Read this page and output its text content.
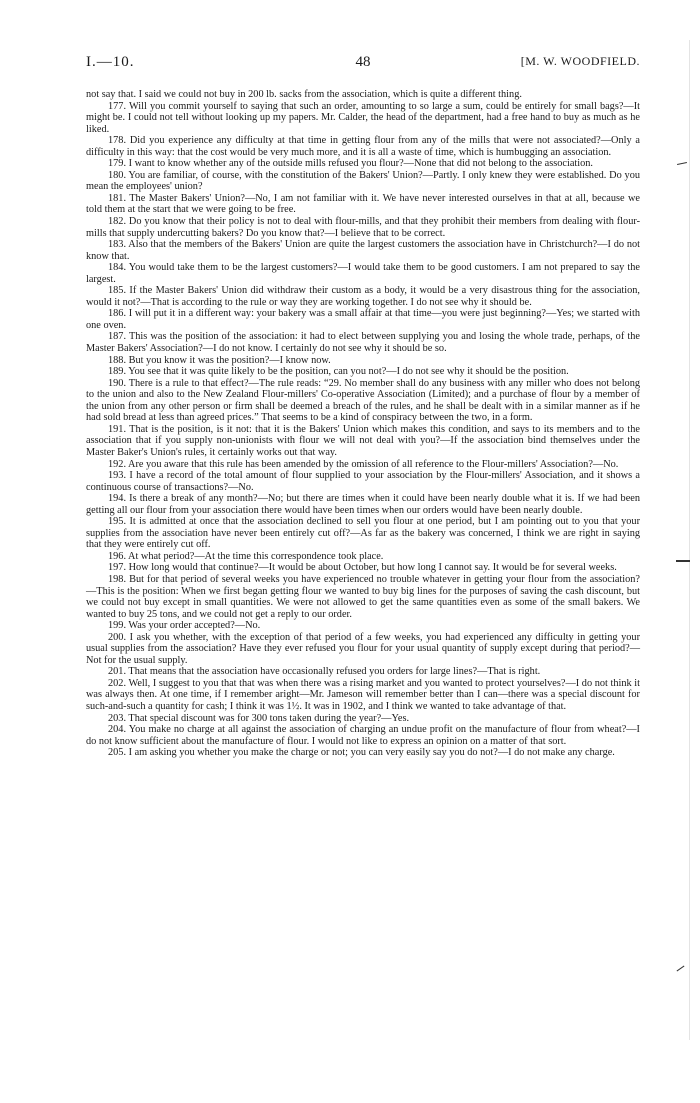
I.—10.	48	[M. W. WOODFIELD.

not say that. I said we could not buy in 200 lb. sacks from the association, which is quite a different thing.

177. Will you commit yourself to saying that such an order, amounting to so large a sum, could be entirely for small bags?—It might be. I could not tell without looking up my papers. Mr. Calder, the head of the department, had a free hand to buy as much as he liked.

178. Did you experience any difficulty at that time in getting flour from any of the mills that were not associated?—Only a difficulty in this way: that the cost would be very much more, and it is all a waste of time, which is humbugging an association.

179. I want to know whether any of the outside mills refused you flour?—None that did not belong to the association.

180. You are familiar, of course, with the constitution of the Bakers' Union?—Partly. I only knew they were established. Do you mean the employees' union?

181. The Master Bakers' Union?—No, I am not familiar with it. We have never interested ourselves in that at all, because we told them at the start that we were going to be free.

182. Do you know that their policy is not to deal with flour-mills, and that they prohibit their members from dealing with flour-mills that supply undercutting bakers? Do you know that?—I believe that to be correct.

183. Also that the members of the Bakers' Union are quite the largest customers the association have in Christchurch?—I do not know that.

184. You would take them to be the largest customers?—I would take them to be good customers. I am not prepared to say the largest.

185. If the Master Bakers' Union did withdraw their custom as a body, it would be a very disastrous thing for the association, would it not?—That is according to the rule or way they are working together. I do not see why it should be.

186. I will put it in a different way: your bakery was a small affair at that time—you were just beginning?—Yes; we started with one oven.

187. This was the position of the association: it had to elect between supplying you and losing the whole trade, perhaps, of the Master Bakers' Association?—I do not know. I certainly do not see why it should be so.

188. But you know it was the position?—I know now.

189. You see that it was quite likely to be the position, can you not?—I do not see why it should be the position.

190. There is a rule to that effect?—The rule reads: “29. No member shall do any business with any miller who does not belong to the union and also to the New Zealand Flour-millers' Co-operative Association (Limited); and a purchase of flour by a member of the union from any other person or firm shall be deemed a breach of the rules, and he shall be dealt with in a similar manner as if he had sold bread at less than agreed prices.” That seems to be a kind of conspiracy between the two, in a form.

191. That is the position, is it not: that it is the Bakers' Union which makes this condition, and says to its members and to the association that if you supply non-unionists with flour we will not deal with you?—If the association bind themselves under the Master Baker's Union's rules, it certainly works out that way.

192. Are you aware that this rule has been amended by the omission of all reference to the Flour-millers' Association?—No.

193. I have a record of the total amount of flour supplied to your association by the Flour-millers' Association, and it shows a continuous course of transactions?—No.

194. Is there a break of any month?—No; but there are times when it could have been nearly double what it is. If we had been getting all our flour from your association there would have been times when our orders would have been nearly double.

195. It is admitted at once that the association declined to sell you flour at one period, but I am pointing out to you that your supplies from the association have never been entirely cut off?—As far as the bakery was concerned, I think we are right in saying that they were entirely cut off.

196. At what period?—At the time this correspondence took place.

197. How long would that continue?—It would be about October, but how long I cannot say. It would be for several weeks.

198. But for that period of several weeks you have experienced no trouble whatever in getting your flour from the association?—This is the position: When we first began getting flour we wanted to buy big lines for the purposes of saving the cash discount, but we could not buy except in small quantities. We were not allowed to get the same quantities even as some of the small bakers. We wanted to buy 25 tons, and we could not get a reply to our order.

199. Was your order accepted?—No.

200. I ask you whether, with the exception of that period of a few weeks, you had experienced any difficulty in getting your usual supplies from the association? Have they ever refused you flour for your usual quantity of supply except during that period?—Not for the usual supply.

201. That means that the association have occasionally refused you orders for large lines?—That is right.

202. Well, I suggest to you that that was when there was a rising market and you wanted to protect yourselves?—I do not think it was always then. At one time, if I remember aright—Mr. Jameson will remember better than I can—there was a special discount for such-and-such a quantity for cash; I think it was 1½. It was in 1902, and I think we wanted to take advantage of that.

203. That special discount was for 300 tons taken during the year?—Yes.

204. You make no charge at all against the association of charging an undue profit on the manufacture of flour from wheat?—I do not know sufficient about the manufacture of flour. I would not like to express an opinion on a matter of that sort.

205. I am asking you whether you make the charge or not; you can very easily say you do not?—I do not make any charge.
